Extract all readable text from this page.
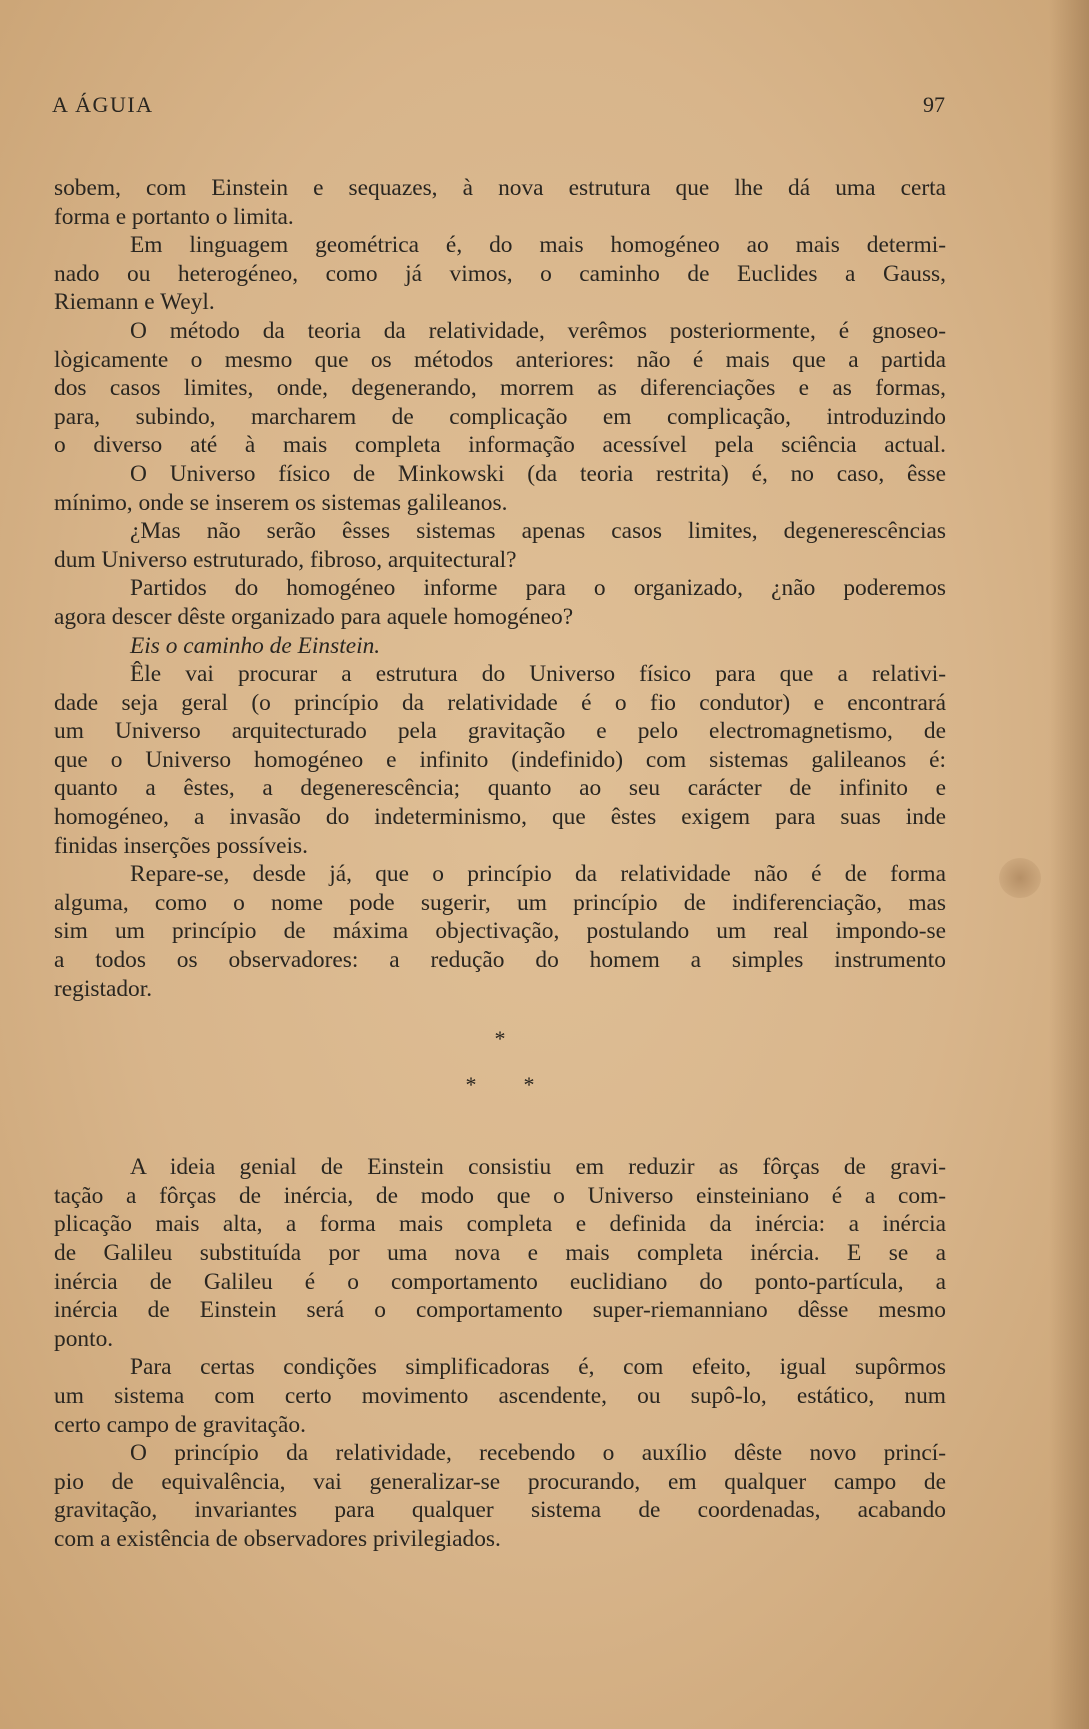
A ÁGUIA	97
sobem, com Einstein e sequazes, à nova estrutura que lhe dá uma certa
forma e portanto o limita.
Em linguagem geométrica é, do mais homogéneo ao mais determi-
nado ou heterogéneo, como já vimos, o caminho de Euclides a Gauss,
Riemann e Weyl.
O método da teoria da relatividade, verêmos posteriormente, é gnoseo-
lògicamente o mesmo que os métodos anteriores: não é mais que a partida
dos casos limites, onde, degenerando, morrem as diferenciações e as formas,
para, subindo, marcharem de complicação em complicação, introduzindo
o diverso até à mais completa informação acessível pela sciência actual.
O Universo físico de Minkowski (da teoria restrita) é, no caso, êsse
mínimo, onde se inserem os sistemas galileanos.
¿Mas não serão êsses sistemas apenas casos limites, degenerescências
dum Universo estruturado, fibroso, arquitectural?
Partidos do homogéneo informe para o organizado, ¿não poderemos
agora descer dêste organizado para aquele homogéneo?
Eis o caminho de Einstein.
Êle vai procurar a estrutura do Universo físico para que a relativi-
dade seja geral (o princípio da relatividade é o fio condutor) e encontrará
um Universo arquitecturado pela gravitação e pelo electromagnetismo, de
que o Universo homogéneo e infinito (indefinido) com sistemas galileanos é:
quanto a êstes, a degenerescência; quanto ao seu carácter de infinito e
homogéneo, a invasão do indeterminismo, que êstes exigem para suas inde
finidas inserções possíveis.
Repare-se, desde já, que o princípio da relatividade não é de forma
alguma, como o nome pode sugerir, um princípio de indiferenciação, mas
sim um princípio de máxima objectivação, postulando um real impondo-se
a todos os observadores: a redução do homem a simples instrumento
registador.
*
* *
A ideia genial de Einstein consistiu em reduzir as fôrças de gravi-
tação a fôrças de inércia, de modo que o Universo einsteiniano é a com-
plicação mais alta, a forma mais completa e definida da inércia: a inércia
de Galileu substituída por uma nova e mais completa inércia. E se a
inércia de Galileu é o comportamento euclidiano do ponto-partícula, a
inércia de Einstein será o comportamento super-riemanniano dêsse mesmo
ponto.
Para certas condições simplificadoras é, com efeito, igual supôrmos
um sistema com certo movimento ascendente, ou supô-lo, estático, num
certo campo de gravitação.
O princípio da relatividade, recebendo o auxílio dêste novo princí-
pio de equivalência, vai generalizar-se procurando, em qualquer campo de
gravitação, invariantes para qualquer sistema de coordenadas, acabando
com a existência de observadores privilegiados.
